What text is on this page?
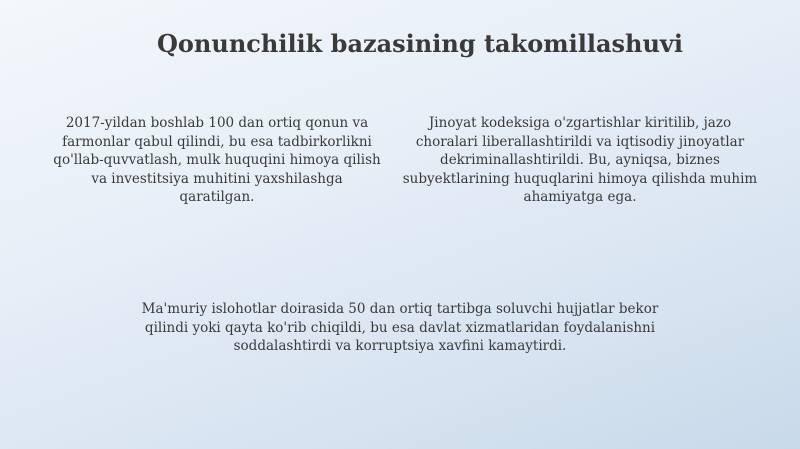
Qonunchilik bazasining takomillashuvi

2017-yildan boshlab 100 dan ortiq qonun va farmonlar qabul qilindi, bu esa tadbirkorlikni qo'llab-quvvatlash, mulk huquqini himoya qilish va investitsiya muhitini yaxshilashga qaratilgan.

Jinoyat kodeksiga o'zgartishlar kiritilib, jazo choralari liberallashtirildi va iqtisodiy jinoyatlar dekriminallashtirildi. Bu, ayniqsa, biznes subyektlarining huquqlarini himoya qilishda muhim ahamiyatga ega.

Ma'muriy islohotlar doirasida 50 dan ortiq tartibga soluvchi hujjatlar bekor qilindi yoki qayta ko'rib chiqildi, bu esa davlat xizmatlaridan foydalanishni soddalashtirdi va korruptsiya xavfini kamaytirdi.
